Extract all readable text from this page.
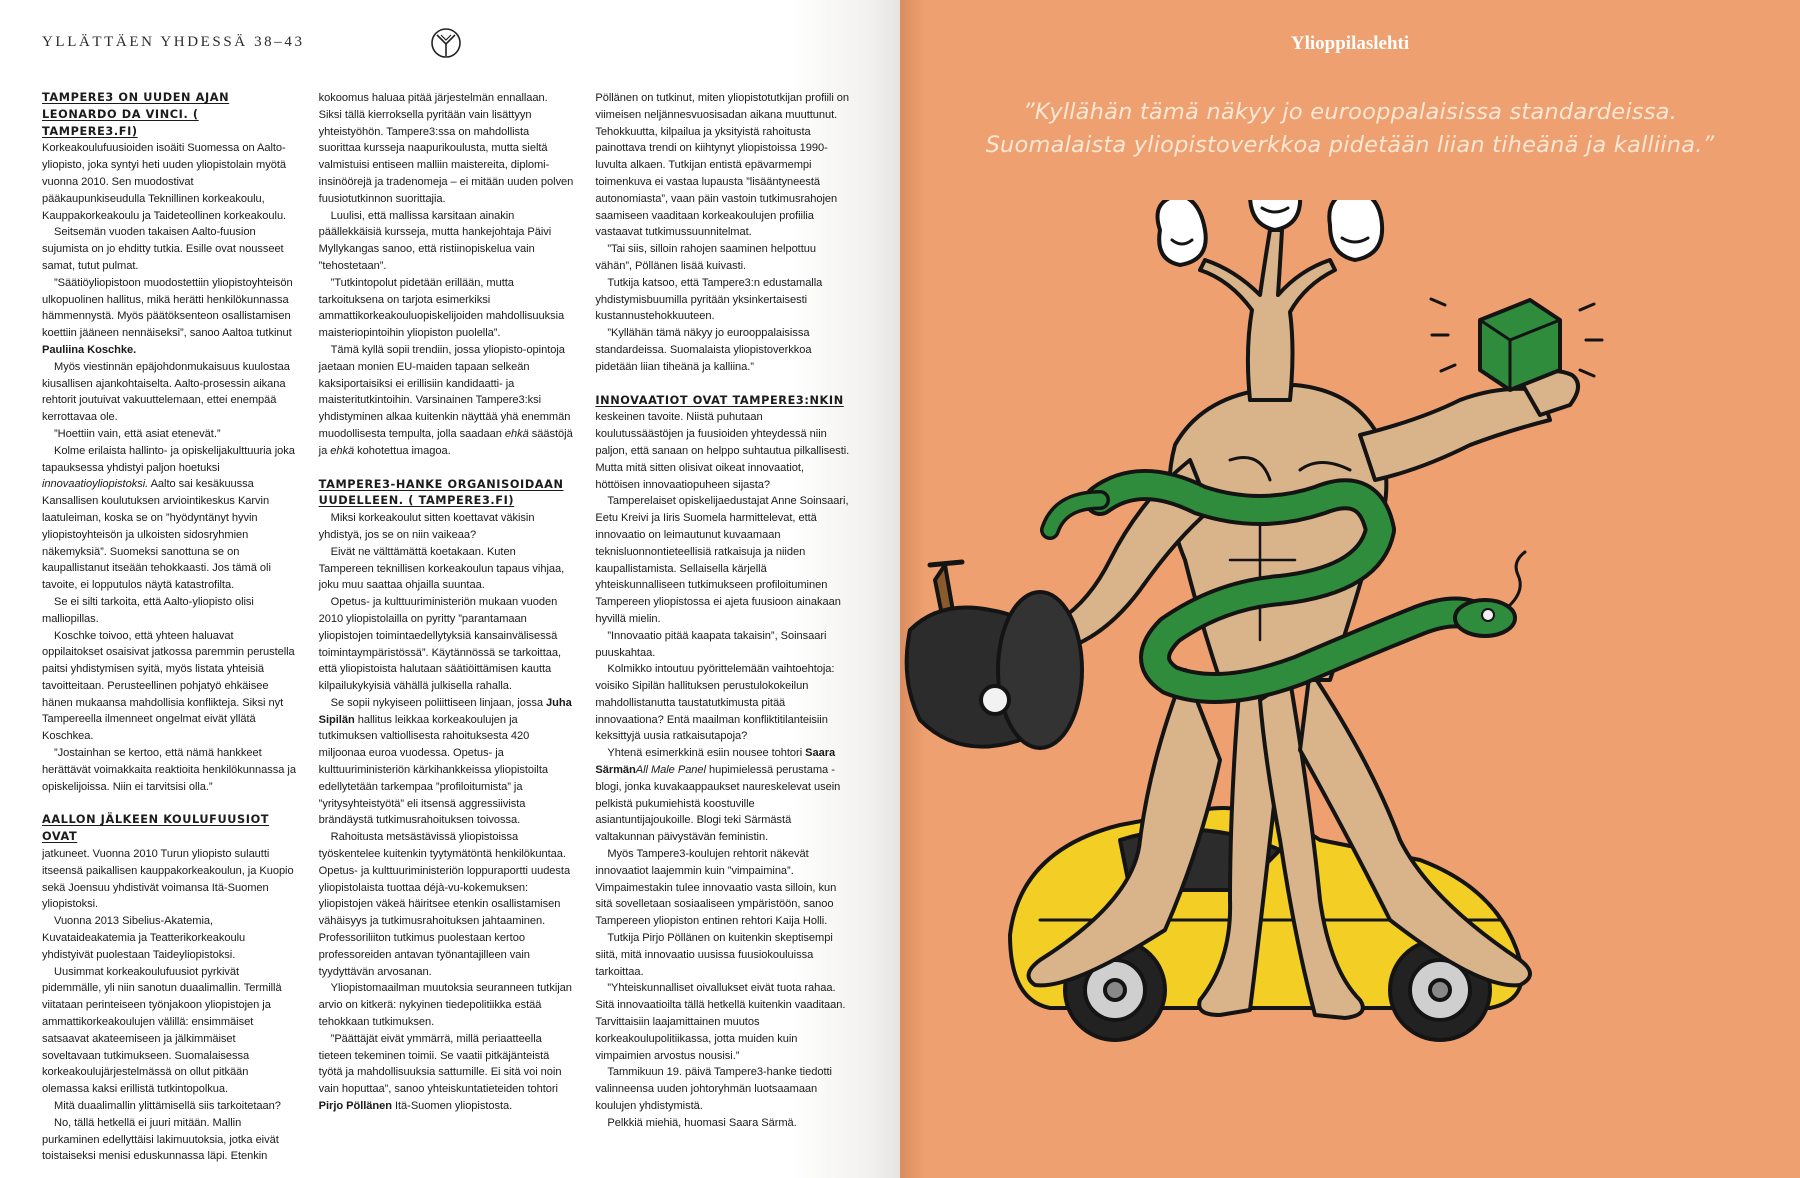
YLLÄTTÄEN YHDESSÄ 38–43
TAMPERE3 ON UUDEN AJAN LEONARDO DA VINCI. ( TAMPERE3.FI)

Korkeakoulufuusioiden isoäiti Suomessa on Aalto-yliopisto, joka syntyi heti uuden yliopistolain myötä vuonna 2010. Sen muodostivat pääkaupunkiseudulla Teknillinen korkeakoulu, Kauppakorkeakoulu ja Taideteollinen korkeakoulu.

Seitsemän vuoden takaisen Aalto-fuusion sujumista on jo ehditty tutkia. Esille ovat nousseet samat, tutut pulmat.

”Säätiöyliopistoon muodostettiin yliopistoyhteisön ulkopuolinen hallitus, mikä herätti henkilökunnassa hämmennystä. Myös päätöksenteon osallistamisen koettiin jääneen nennäiseksi”, sanoo Aaltoa tutkinut Pauliina Koschke.

Myös viestinnän epäjohdonmukaisuus kuulostaa kiusallisen ajankohtaiselta. Aalto-prosessin aikana rehtorit joutuivat vakuuttelemaan, ettei enempää kerrottavaa ole.

”Hoettiin vain, että asiat etenevät.”

Kolme erilaista hallinto- ja opiskelijakulttuuria joka tapauksessa yhdistyi paljon hoetuksi innovaatioyliopistoksi. Aalto sai kesäkuussa Kansallisen koulutuksen arviointikeskus Karvin laatuleiman, koska se on ”hyödyntänyt hyvin yliopistoyhteisön ja ulkoisten sidosryhmien näkemyksiä”. Suomeksi sanottuna se on kaupallistanut itseään tehokkaasti. Jos tämä oli tavoite, ei lopputulos näytä katastrofilta.

Se ei silti tarkoita, että Aalto-yliopisto olisi malliopillas.

Koschke toivoo, että yhteen haluavat oppilaitokset osaisivat jatkossa paremmin perustella paitsi yhdistymisen syitä, myös listata yhteisiä tavoitteitaan. Perusteellinen pohjatyö ehkäisee hänen mukaansa mahdollisia konfliktejа. Siksi nyt Tampereella ilmenneet ongelmat eivät yllätä Koschkea.

”Jostainhan se kertoo, että nämä hankkeet herättävät voimakkaita reaktioita henkilökunnassa ja opiskelijoissa. Niin ei tarvitsisi olla.”

AALLON JÄLKEEN KOULUFUUSIOT OVAT

jatkuneet. Vuonna 2010 Turun yliopisto sulautti itseensä paikallisen kauppakorkeakoulun, ja Kuopio sekä Joensuu yhdistivät voimansa Itä-Suomen yliopistoksi.

Vuonna 2013 Sibelius-Akatemia, Kuvataideakatemia ja Teatterikorkeakoulu yhdistyivät puolestaan Taideyliopistoksi.

Uusimmat korkeakoulufuusiot pyrkivät pidemmälle, yli niin sanotun duaalimallin. Termillä viitataan perinteiseen työnjakoon yliopistojen ja ammattikorkeakoulujen välillä: ensimmäiset satsaavat akateemiseen ja jälkimmäiset soveltavaan tutkimukseen. Suomalaisessa korkeakoulujärjestelmässä on ollut pitkään olemassa kaksi erillistä tutkintopolkua.

Mitä duaalimallin ylittämisellä siis tarkoitetaan?

No, tällä hetkellä ei juuri mitään. Mallin purkaminen edellyttäisi lakimuutoksia, jotka eivät toistaiseksi menisi eduskunnassa läpi. Etenkin

kokoomus haluaa pitää järjestelmän ennallaan. Siksi tällä kierroksella pyritään vain lisättyyn yhteistyöhön. Tampere3:ssa on mahdollista suorittaa kursseja naapurikoulusta, mutta sieltä valmistuisi entiseen malliin maistereita, diplomi-insinöörejä ja tradenomeja – ei mitään uuden polven fuusiotutkinnon suorittajia.

Luulisi, että mallissa karsitaan ainakin päällekkäisiä kursseja, mutta hankejohtaja Päivi Myllykangas sanoo, että ristiinopiskelua vain ”tehostetaan”.

”Tutkintopolut pidetään erillään, mutta tarkoituksena on tarjota esimerkiksi ammattikorkeakouluopiskelijoiden mahdollisuuksia maisteriopintoihin yliopiston puolella”.

Tämä kyllä sopii trendiin, jossa yliopisto-opintoja jaetaan monien EU-maiden tapaan selkeän kaksiportaisiksi ei erillisiin kandidaatti- ja maisteritutkintoihin. Varsinainen Tampere3:ksi yhdistyminen alkaa kuitenkin näyttää yhä enemmän muodollisesta tempulta, jolla saadaan ehkä säästöjä ja ehkä kohotettua imagoa.

TAMPERE3-HANKE ORGANISOIDAAN UUDELLEEN. ( TAMPERE3.FI)

Miksi korkeakoulut sitten koettavat väkisin yhdistyä, jos se on niin vaikeaa?

Eivät ne välttämättä koetakaan. Kuten Tampereen teknillisen korkeakoulun tapaus vihjaa, joku muu saattaa ohjailla suuntaa.

Opetus- ja kulttuuriministeriön mukaan vuoden 2010 yliopistolailla on pyritty ”parantamaan yliopistojen toimintaedellytyksiä kansainvälisessä toimintaympäristössä”. Käytännössä se tarkoittaa, että yliopistoista halutaan säätiöittämisen kautta kilpailukykyisiä vähällä julkisella rahalla.

Se sopii nykyiseen poliittiseen linjaan, jossa Juha Sipilän hallitus leikkaa korkeakoulujen ja tutkimuksen valtiollisesta rahoituksesta 420 miljoonaa euroa vuodessa. Opetus- ja kulttuuriministeriön kärkihankkeissa yliopistoilta edellytetään tarkempaa ”profiloitumista” ja ”yritysyhteistyötä” eli itsensä aggressiivista brändäystä tutkimusrahoituksen toivossa.

Rahoitusta metsästävissä yliopistoissa työskentelee kuitenkin tyytymätöntä henkilökuntaa. Opetus- ja kulttuuriministeriön loppuraportti uudesta yliopistolaista tuottaa déjà-vu-kokemuksen: yliopistojen väkeä häiritsee etenkin osallistamisen vähäisyys ja tutkimusrahoituksen jahtaaminen. Professoriliiton tutkimus puolestaan kertoo professoreiden antavan työnantajilleen vain tyydyttävän arvosanan.

Yliopistomaailman muutoksia seuranneen tutkijan arvio on kitkerä: nykyinen tiedepolitiikka estää tehokkaan tutkimuksen.

”Päättäjät eivät ymmärrä, millä periaatteella tieteen tekeminen toimii. Se vaatii pitkäjänteistä työtä ja mahdollisuuksia sattumille. Ei sitä voi noin vain hoputtaa”, sanoo yhteiskuntatieteiden tohtori Pirjo Pöllänen Itä-Suomen yliopistosta.

Pöllänen on tutkinut, miten yliopistotutkijan profiili on viimeisen neljännesvuosisadan aikana muuttunut. Tehokkuutta, kilpailua ja yksityistä rahoitusta painottava trendi on kiihtynyt yliopistoissa 1990-luvulta alkaen. Tutkijan entistä epävarmempi toimenkuva ei vastaa lupausta ”lisääntyneestä autonomiasta”, vaan päin vastoin tutkimusrahojen saamiseen vaaditaan korkeakoulujen profiilia vastaavat tutkimussuunnitelmat.

”Tai siis, silloin rahojen saaminen helpottuu vähän”, Pöllänen lisää kuivasti.

Tutkija katsoo, että Tampere3:n edustamalla yhdistymisbuumilla pyritään yksinkertaisesti kustannustehokkuuteen.

”Kyllähän tämä näkyy jo eurooppalaisissa standardeissa. Suomalaista yliopistoverkkoa pidetään liian tiheänä ja kalliina.”

INNOVAATIOT OVAT TAMPERE3:NKIN

keskeinen tavoite. Niistä puhutaan koulutussäästöjen ja fuusioiden yhteydessä niin paljon, että sanaan on helppo suhtautua pilkallisesti. Mutta mitä sitten olisivat oikeat innovaatiot, höttöisen innovaatiopuheen sijasta?

Tamperelaiset opiskelijaedustajat Anne Soinsaari, Eetu Kreivi ja Iiris Suomela harmittelevat, että innovaatio on leimautunut kuvaamaan teknisluonnontieteellisiä ratkaisuja ja niiden kaupallistamista. Sellaisella kärjellä yhteiskunnalliseen tutkimukseen profiloituminen Tampereen yliopistossa ei ajeta fuusioon ainakaan hyvillä mielin.

”Innovaatio pitää kaapata takaisin”, Soinsaari puuskahtaa.

Kolmikko intoutuu pyörittelemään vaihtoehtoja: voisiko Sipilän hallituksen perustulokokeilun mahdollistanutta taustatutkimusta pitää innovaationa? Entä maailman konfliktitilanteisiin keksittyjä uusia ratkaisutapoja?

Yhtenä esimerkkinä esiin nousee tohtori Saara SärmänAll Male Panel hupimielessä perustama -blogi, jonka kuvakaappaukset naureskelevat usein pelkistä pukumiehistä koostuville asiantuntijajoukoille. Blogi teki Särmästä valtakunnan päivystävän feministin.

Myös Tampere3-koulujen rehtorit näkevät innovaatiot laajemmin kuin ”vimpaimina”. Vimpaimestakin tulee innovaatio vasta silloin, kun sitä sovelletaan sosiaaliseen ympäristöön, sanoo Tampereen yliopiston entinen rehtori Kaija Holli.

Tutkija Pirjo Pöllänen on kuitenkin skeptisempi siitä, mitä innovaatio uusissa fuusiokouluissa tarkoittaa.

”Yhteiskunnalliset oivallukset eivät tuota rahaa. Sitä innovaatioilta tällä hetkellä kuitenkin vaaditaan. Tarvittaisiin laajamittainen muutos korkeakoulupolitiikassa, jotta muiden kuin vimpaimien arvostus nousisi.”

Tammikuun 19. päivä Tampere3-hanke tiedotti valinneensa uuden johtoryhmän luotsaamaan koulujen yhdistymistä.

Pelkkiä miehiä, huomasi Saara Särmä.

Ylioppilaslehti
”Kyllähän tämä näkyy jo eurooppalaisissa standardeissa.
Suomalaista yliopistoverkkoa pidetään liian tiheänä ja kalliina.”
